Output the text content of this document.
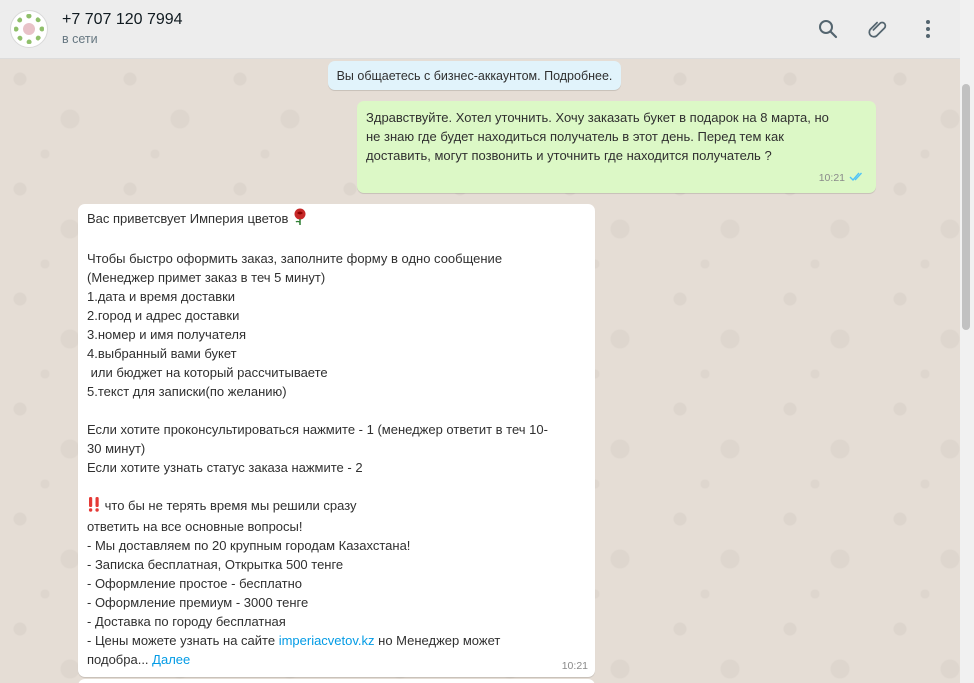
+7 707 120 7994
в сети
Вы общаетесь с бизнес-аккаунтом. Подробнее.
Здравствуйте. Хотел уточнить. Хочу заказать букет в подарок на 8 марта, но
не знаю где будет находиться получатель в этот день. Перед тем как
доставить, могут позвонить и уточнить где находится получатель ?
10:21
Вас приветсвует Империя цветов
Чтобы быстро оформить заказ, заполните форму в одно сообщение
(Менеджер примет заказ в теч 5 минут)
1.дата и время доставки
2.город и адрес доставки
3.номер и имя получателя
4.выбранный вами букет
или бюджет на который рассчитываете
5.текст для записки(по желанию)
Если хотите проконсультироваться нажмите - 1 (менеджер ответит в теч 10-
30 минут)
Если хотите узнать статус заказа нажмите - 2
что бы не терять время мы решили сразу
ответить на все основные вопросы!
- Мы доставляем по 20 крупным городам Казахстана!
- Записка бесплатная, Открытка 500 тенге
- Оформление простое - бесплатно
- Оформление премиум - 3000 тенге
- Доставка по городу бесплатная
- Цены можете узнать на сайте imperiacvetov.kz но Менеджер может
подобра... Далее	10:21
